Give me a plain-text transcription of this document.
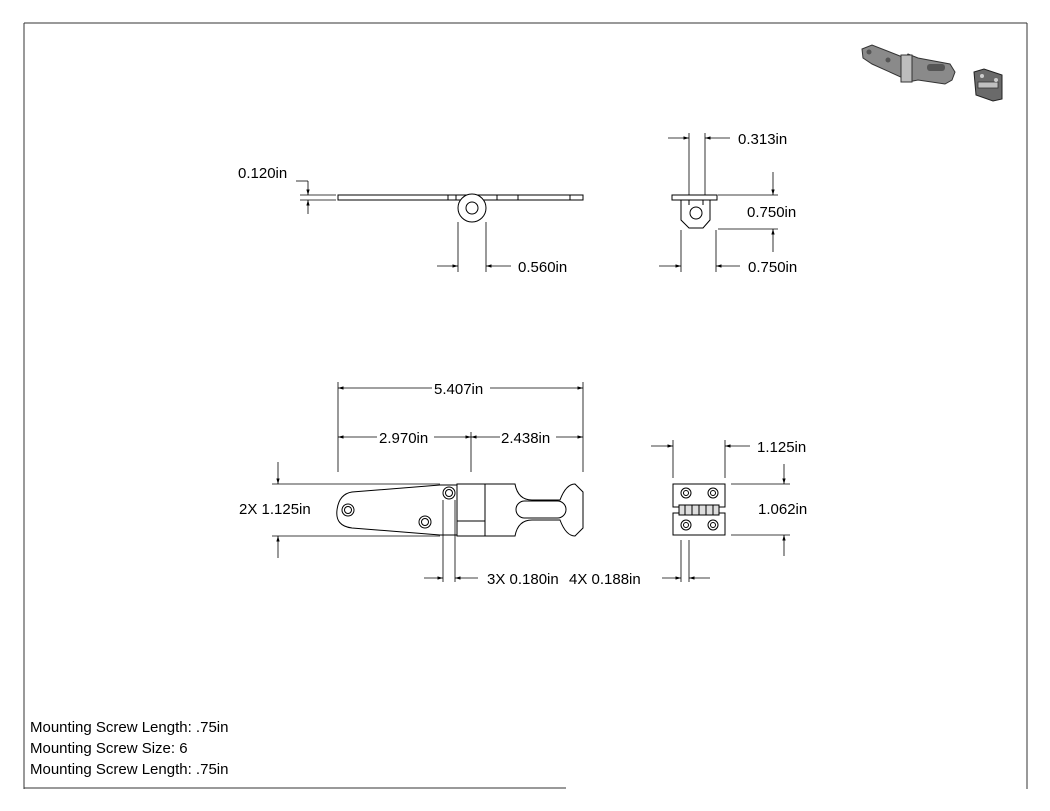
0.120in
0.560in
0.313in
0.750in
0.750in
5.407in
2.970in	2.438in
2X 1.125in
3X 0.180in
1.125in
1.062in
4X 0.188in
Mounting Screw Length: .75in
Mounting Screw Size: 6
Mounting Screw Length: .75in
